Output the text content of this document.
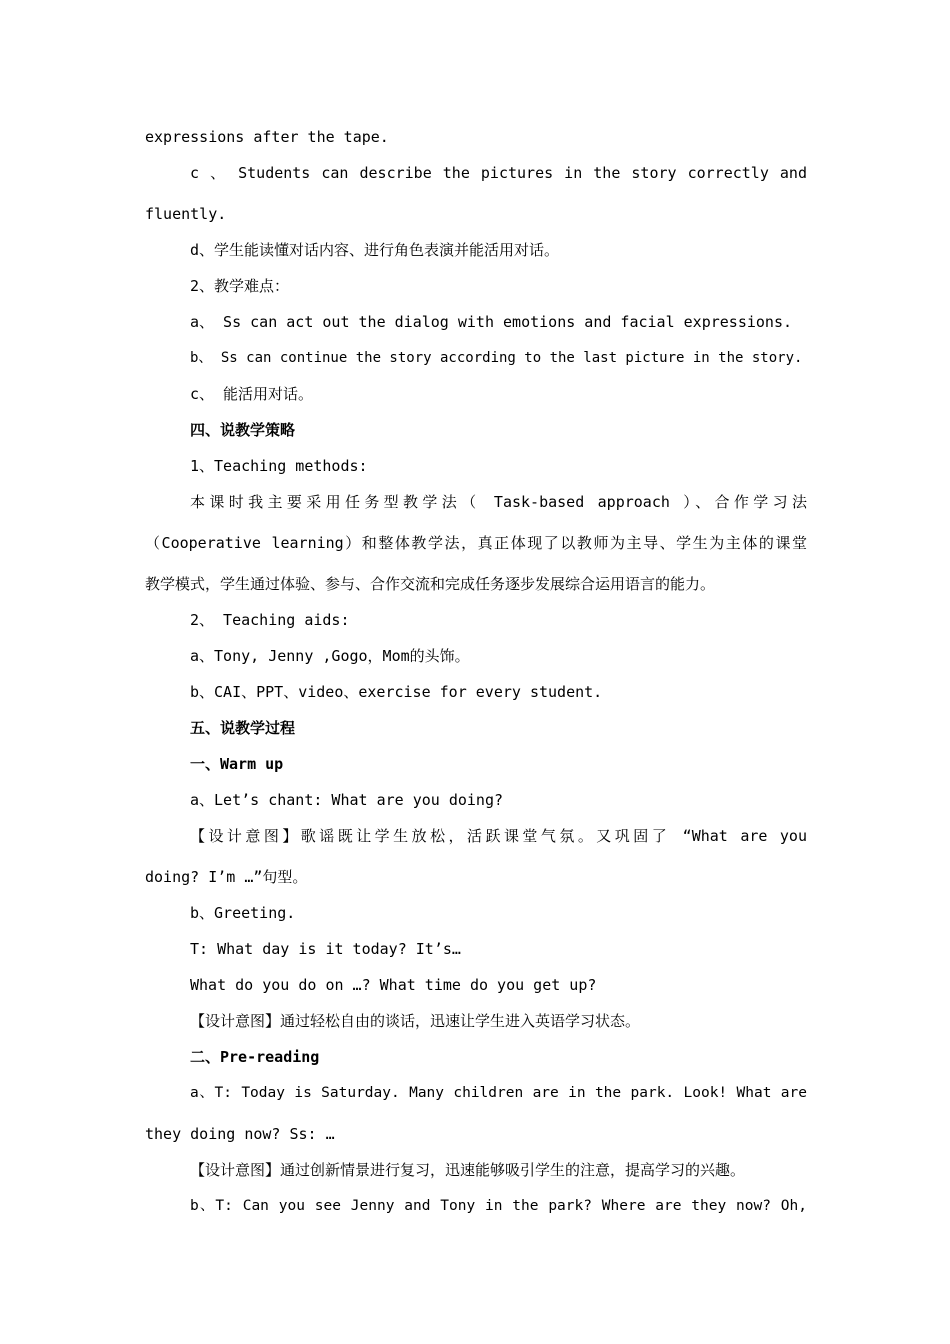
expressions after the tape.

c 、 Students can describe the pictures in the story correctly and

fluently.

d、学生能读懂对话内容、进行角色表演并能活用对话。

2、教学难点：

a、 Ss can act out the dialog with emotions and facial expressions.

b、 Ss can continue the story according to the last picture in the story.

c、 能活用对话。

四、说教学策略

1、Teaching methods:

本课时我主要采用任务型教学法（ Task-based approach ）、合作学习法

（Cooperative learning）和整体教学法，真正体现了以教师为主导、学生为主体的课堂

教学模式，学生通过体验、参与、合作交流和完成任务逐步发展综合运用语言的能力。

2、 Teaching aids:

a、Tony, Jenny ,Gogo，Mom的头饰。

b、CAI、PPT、video、exercise for every student.

五、说教学过程

一、Warm up

a、Let’s chant: What are you doing?

【设计意图】歌谣既让学生放松，活跃课堂气氛。又巩固了 “What are you

doing? I’m …”句型。

b、Greeting.

T: What day is it today? It’s…

What do you do on …? What time do you get up?

【设计意图】通过轻松自由的谈话，迅速让学生进入英语学习状态。

二、Pre-reading

a、T: Today is Saturday. Many children are in the park. Look! What are

they doing now? Ss: …

【设计意图】通过创新情景进行复习，迅速能够吸引学生的注意，提高学习的兴趣。

b、T: Can you see Jenny and Tony in the park? Where are they now? Oh,
